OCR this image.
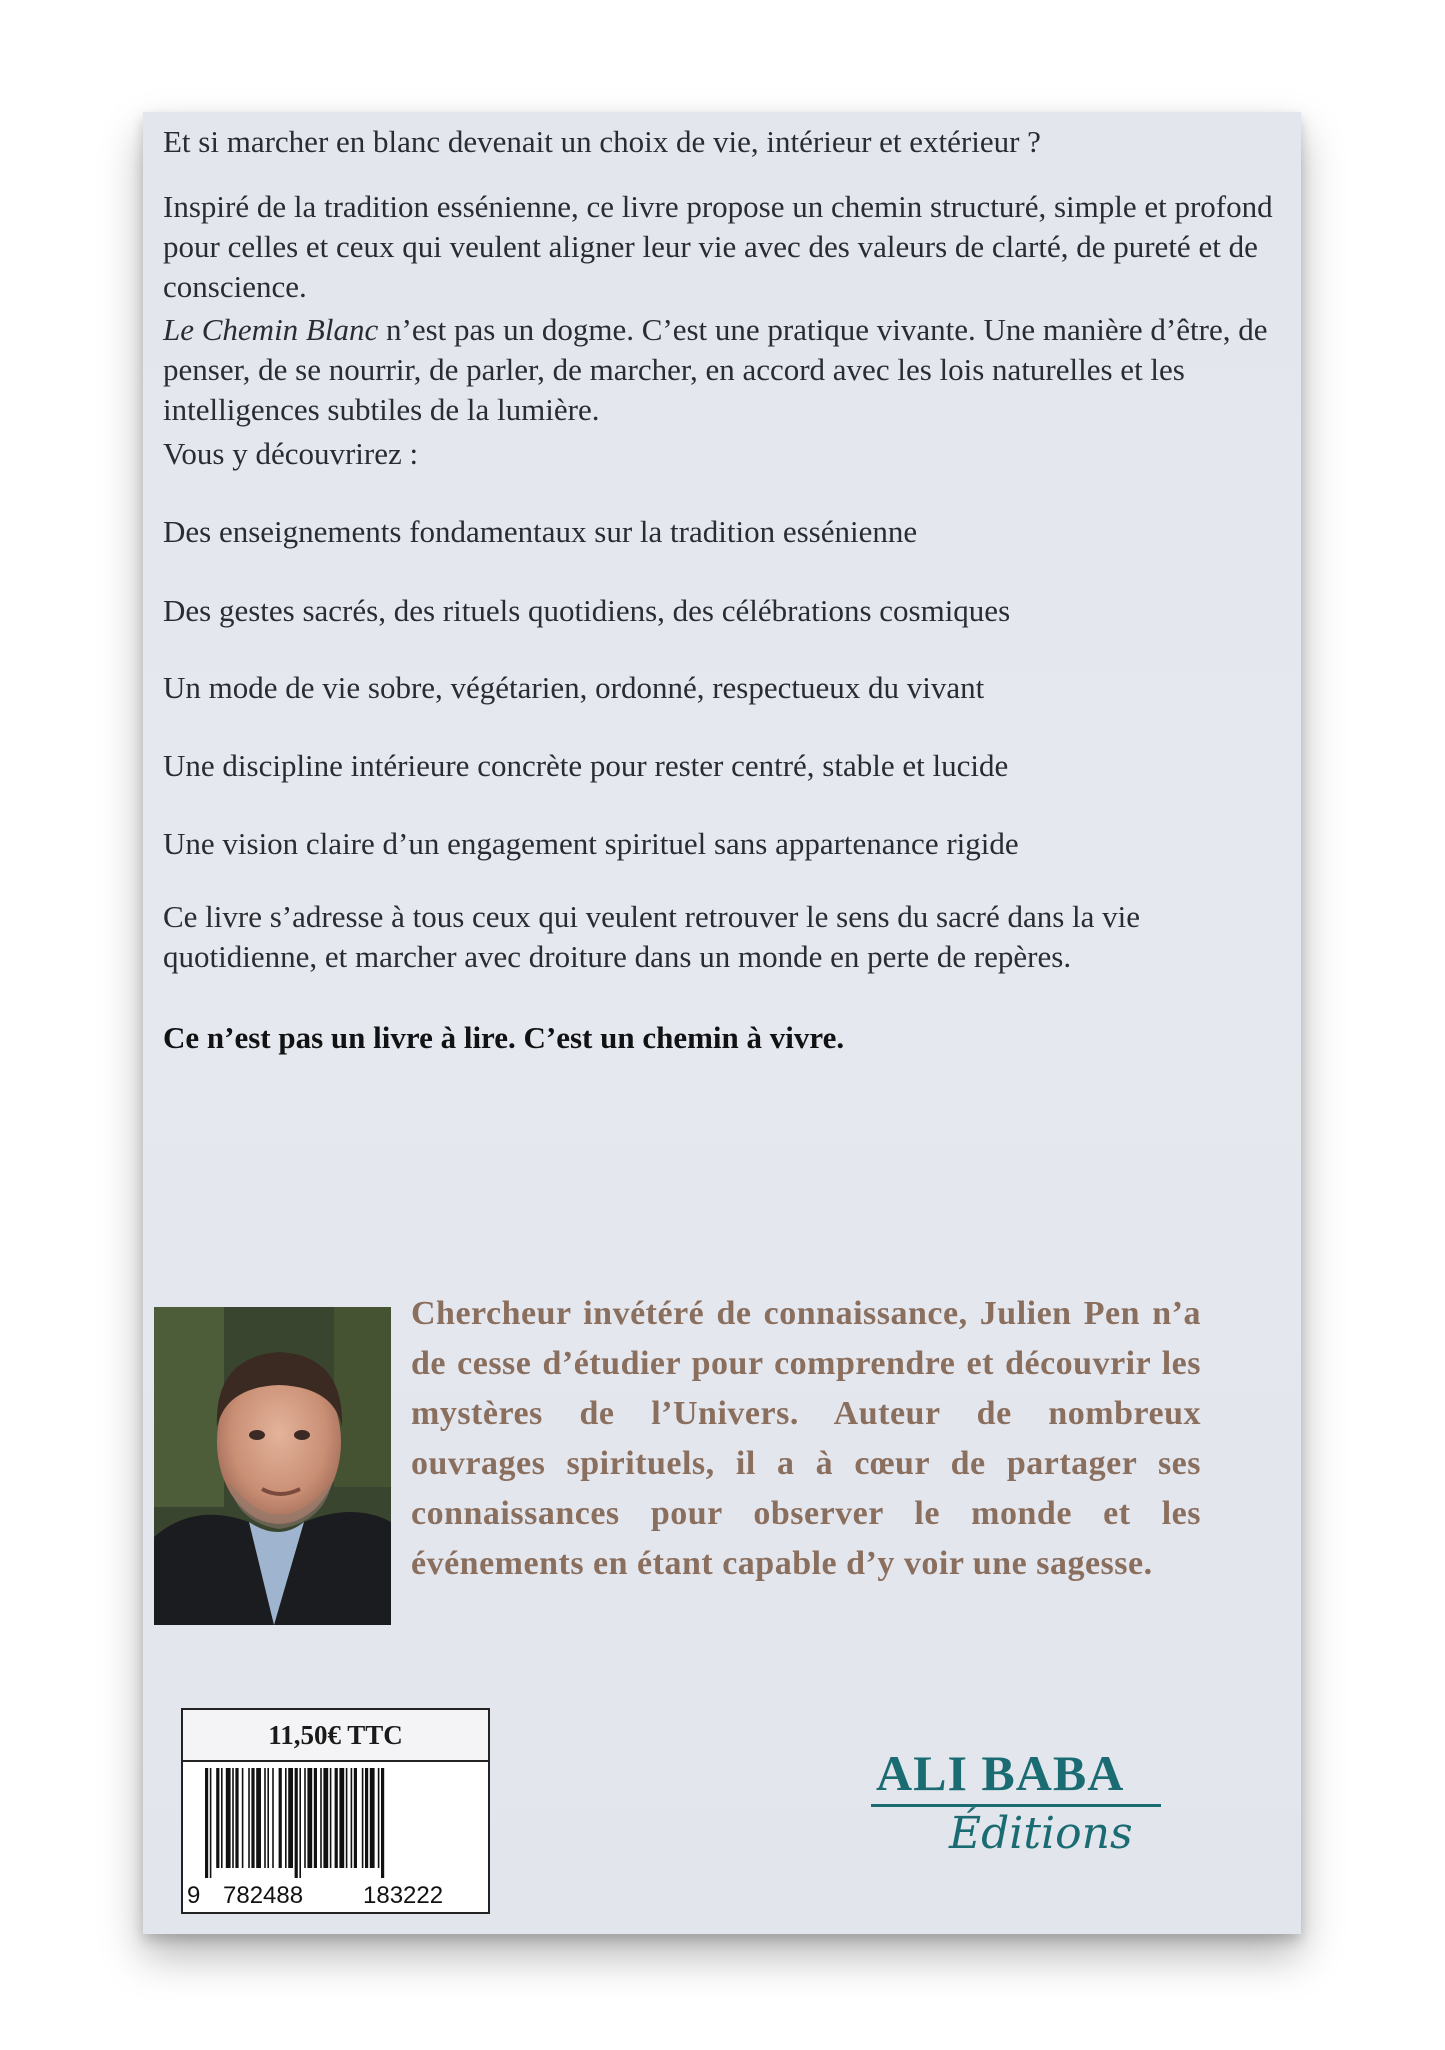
Et si marcher en blanc devenait un choix de vie, intérieur et extérieur ?

Inspiré de la tradition essénienne, ce livre propose un chemin structuré, simple et profond pour celles et ceux qui veulent aligner leur vie avec des valeurs de clarté, de pureté et de conscience.

Le Chemin Blanc n’est pas un dogme. C’est une pratique vivante. Une manière d’être, de penser, de se nourrir, de parler, de marcher, en accord avec les lois naturelles et les intelligences subtiles de la lumière.

Vous y découvrirez :

Des enseignements fondamentaux sur la tradition essénienne

Des gestes sacrés, des rituels quotidiens, des célébrations cosmiques

Un mode de vie sobre, végétarien, ordonné, respectueux du vivant

Une discipline intérieure concrète pour rester centré, stable et lucide

Une vision claire d’un engagement spirituel sans appartenance rigide

Ce livre s’adresse à tous ceux qui veulent retrouver le sens du sacré dans la vie quotidienne, et marcher avec droiture dans un monde en perte de repères.

Ce n’est pas un livre à lire. C’est un chemin à vivre.

Chercheur invétéré de connaissance, Julien Pen n’a de cesse d’étudier pour comprendre et découvrir les mystères de l’Univers. Auteur de nombreux ouvrages spirituels, il a à cœur de partager ses connaissances pour observer le monde et les événements en étant capable d’y voir une sagesse.
11,50€ TTC
9 782488 183222
ALI BABA
Éditions
